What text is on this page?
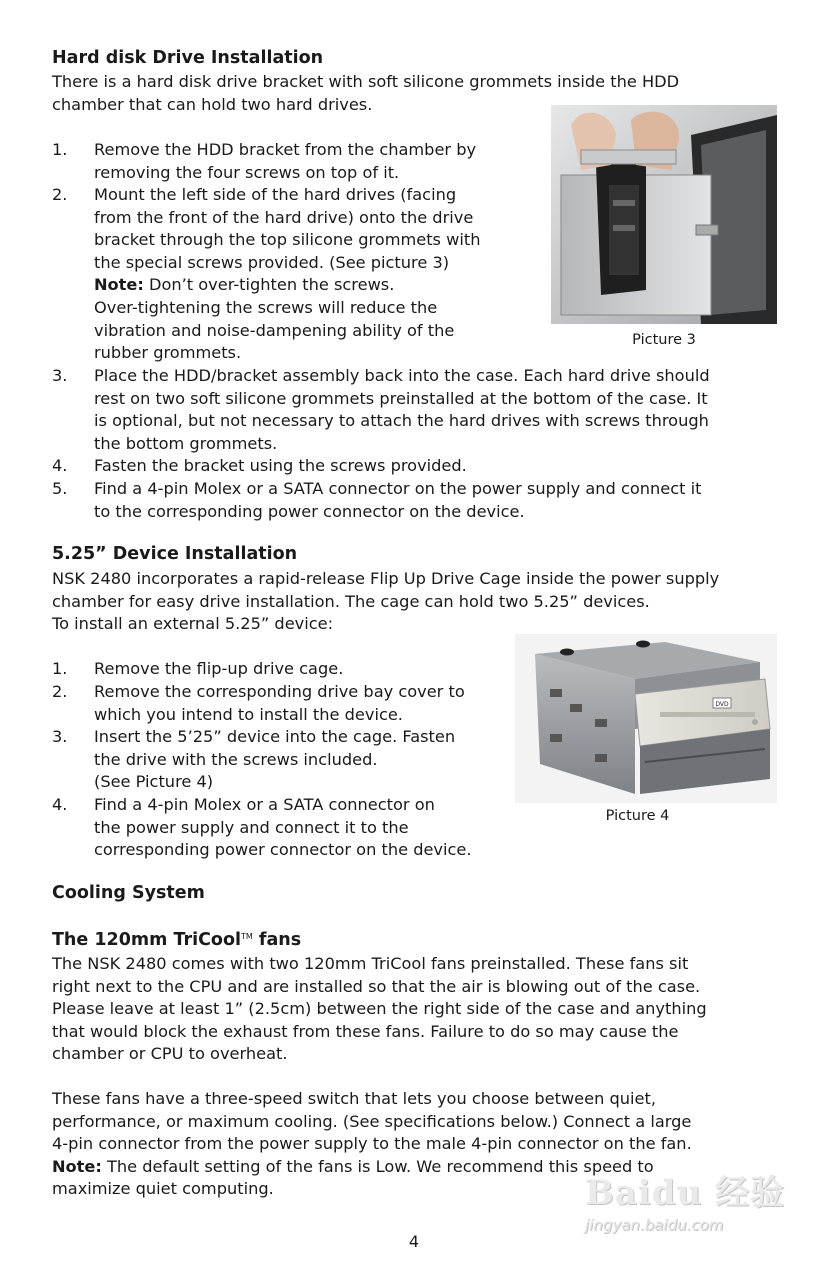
Hard disk Drive Installation
There is a hard disk drive bracket with soft silicone grommets inside the HDD
chamber that can hold two hard drives.
1. Remove the HDD bracket from the chamber by
removing the four screws on top of it.
2. Mount the left side of the hard drives (facing
from the front of the hard drive) onto the drive
bracket through the top silicone grommets with
the special screws provided. (See picture 3)
Note: Don’t over-tighten the screws.
Over-tightening the screws will reduce the
vibration and noise-dampening ability of the
rubber grommets.
3. Place the HDD/bracket assembly back into the case. Each hard drive should
rest on two soft silicone grommets preinstalled at the bottom of the case. It
is optional, but not necessary to attach the hard drives with screws through
the bottom grommets.
4. Fasten the bracket using the screws provided.
5. Find a 4-pin Molex or a SATA connector on the power supply and connect it
to the corresponding power connector on the device.
Picture 3
5.25” Device Installation
NSK 2480 incorporates a rapid-release Flip Up Drive Cage inside the power supply
chamber for easy drive installation. The cage can hold two 5.25” devices.
To install an external 5.25” device:
1. Remove the flip-up drive cage.
2. Remove the corresponding drive bay cover to
which you intend to install the device.
3. Insert the 5’25” device into the cage. Fasten
the drive with the screws included.
(See Picture 4)
4. Find a 4-pin Molex or a SATA connector on
the power supply and connect it to the
corresponding power connector on the device.
DVD
Picture 4
Cooling System
The 120mm TriCool™ fans
The NSK 2480 comes with two 120mm TriCool fans preinstalled. These fans sit
right next to the CPU and are installed so that the air is blowing out of the case.
Please leave at least 1” (2.5cm) between the right side of the case and anything
that would block the exhaust from these fans. Failure to do so may cause the
chamber or CPU to overheat.
These fans have a three-speed switch that lets you choose between quiet,
performance, or maximum cooling. (See specifications below.) Connect a large
4-pin connector from the power supply to the male 4-pin connector on the fan.
Note: The default setting of the fans is Low. We recommend this speed to
maximize quiet computing.
4
Baidu 经验
jingyan.baidu.com
